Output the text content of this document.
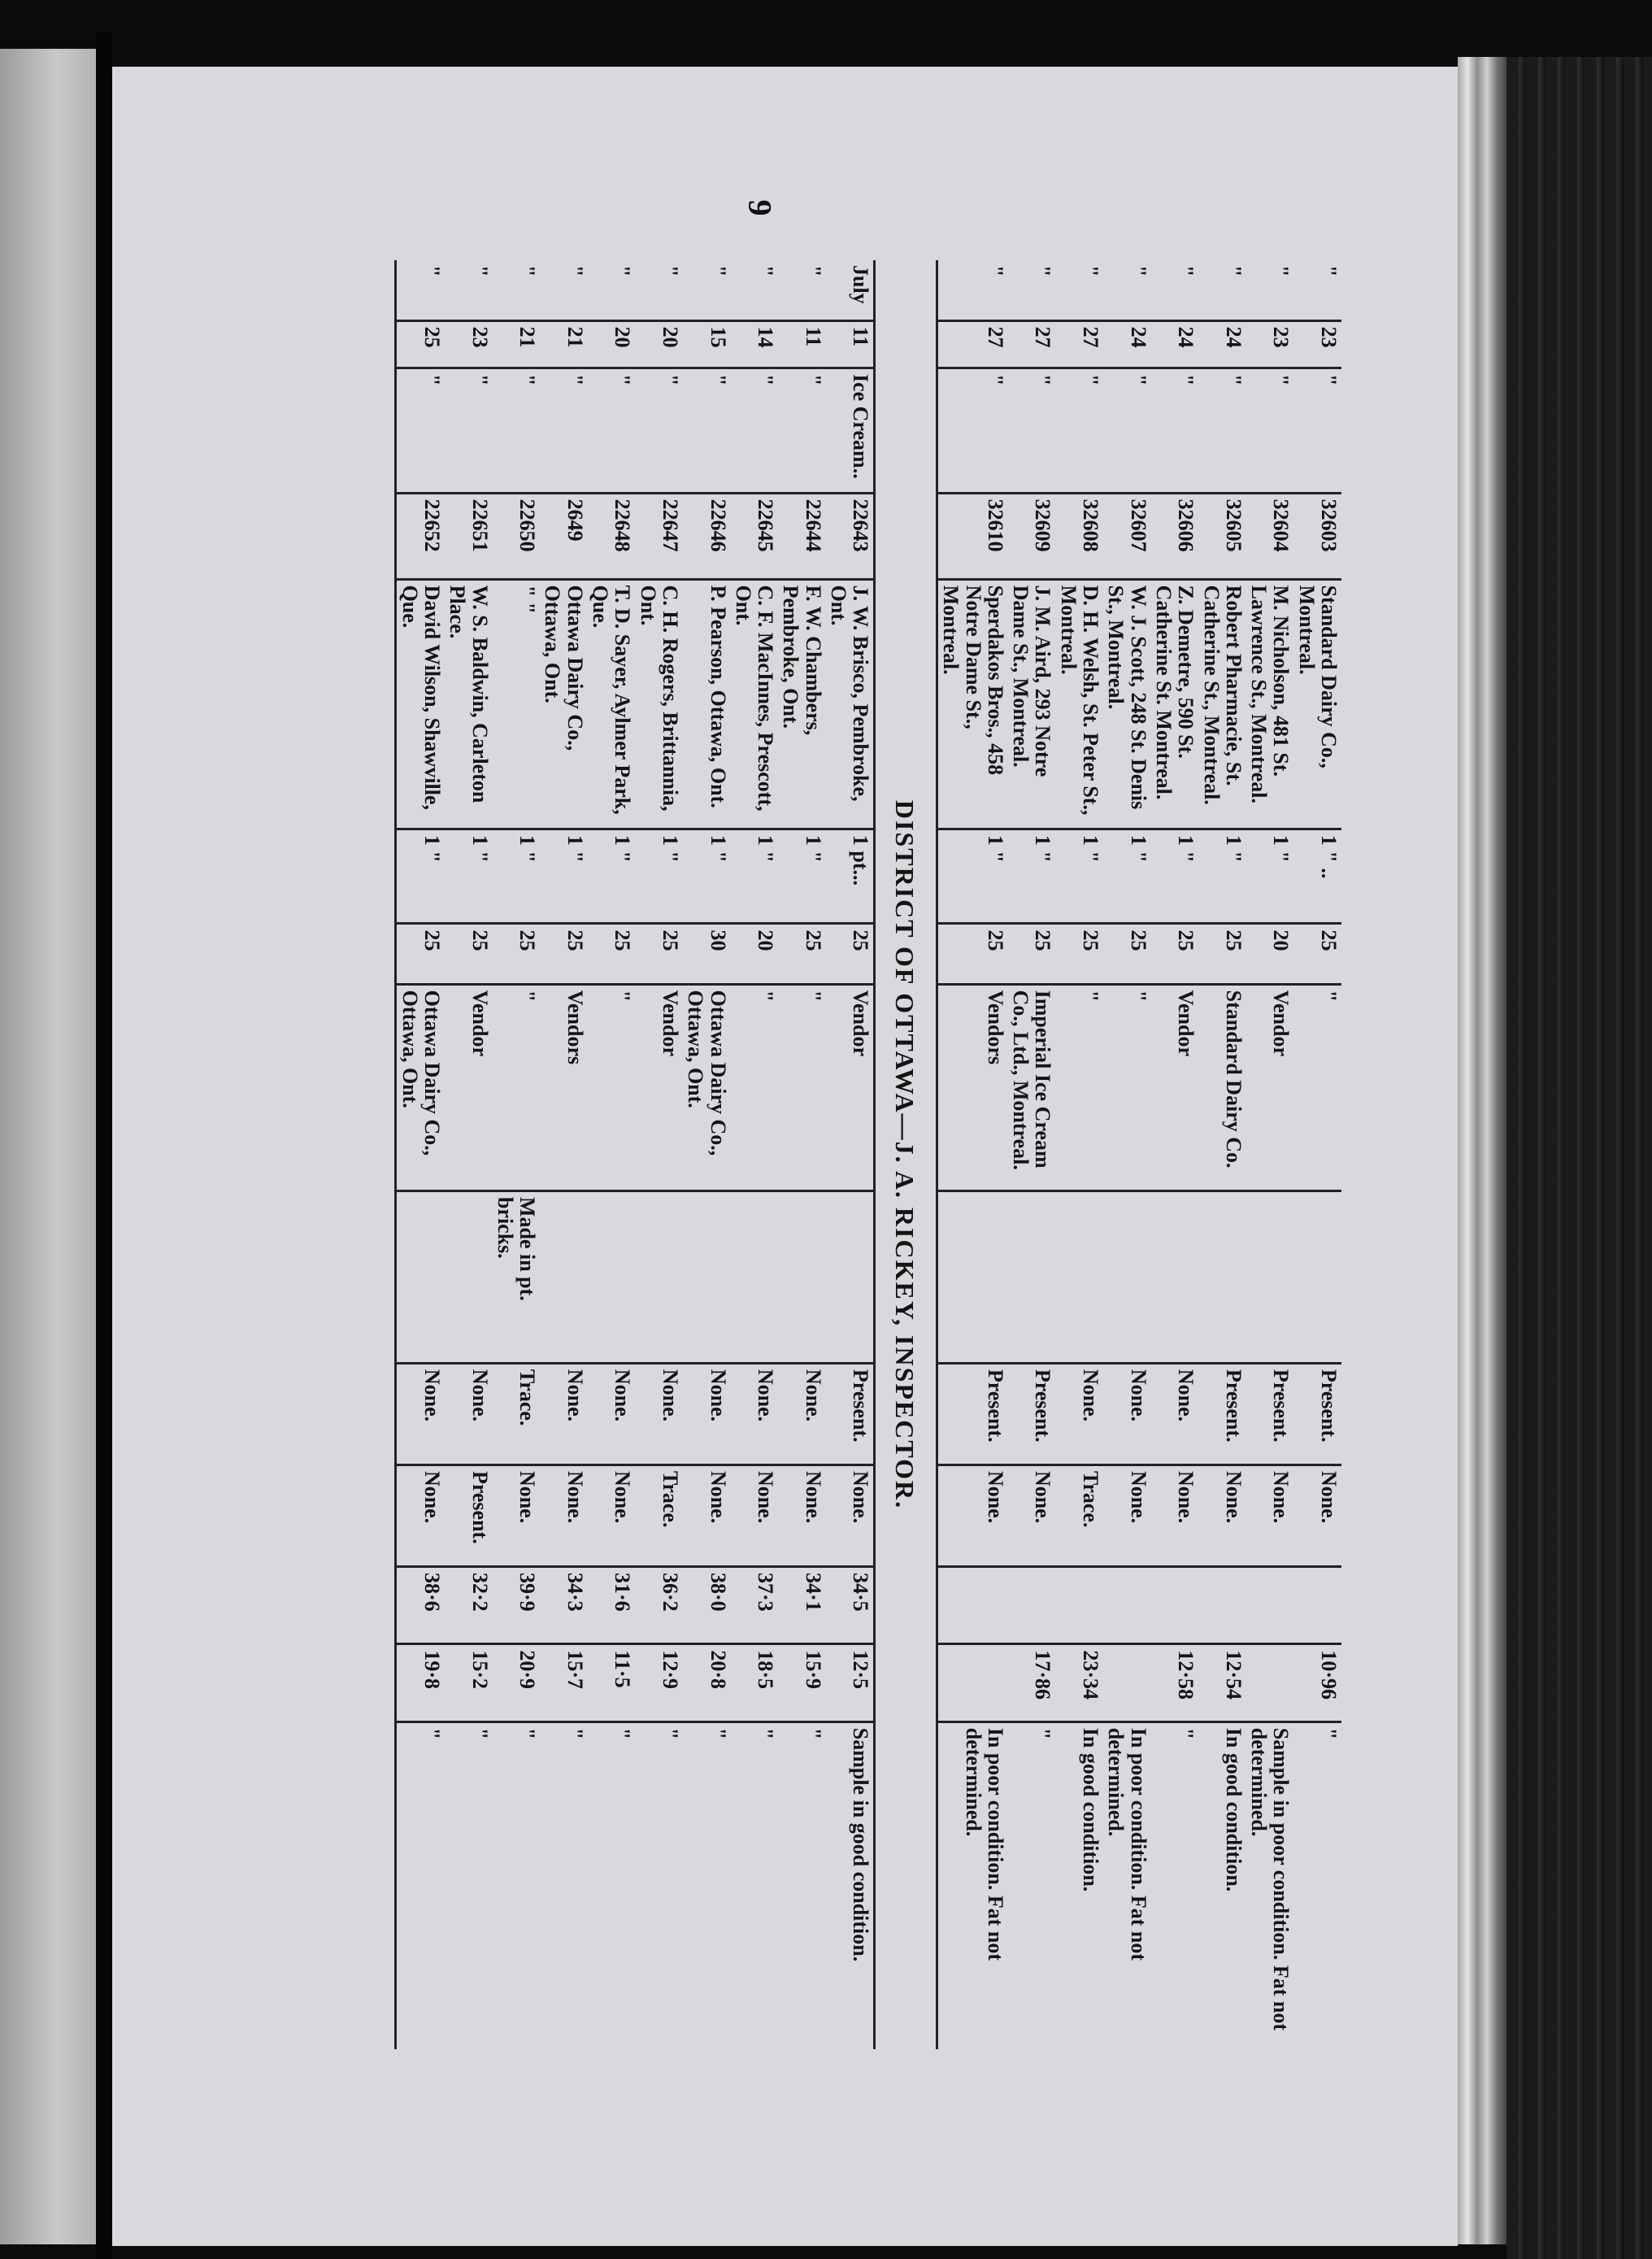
9
"	23	"	32603	Standard Dairy Co., Montreal.	1 " ..	25	"		Present.	None.		10·96	"
"	23	"	32604	M. Nicholson, 481 St. Lawrence St., Montreal.	1 "	20	Vendor		Present.	None.			Sample in poor condition. Fat not determined.
"	24	"	32605	Robert Pharmacie, St. Catherine St., Montreal.	1 "	25	Standard Dairy Co.		Present.	None.		12·54	In good condition.
"	24	"	32606	Z. Demetre, 590 St. Catherine St. Montreal.	1 "	25	Vendor		None.	None.		12·58	"
"	24	"	32607	W. J. Scott, 248 St. Denis St., Montreal.	1 "	25	"		None.	None.			In poor condition. Fat not determined.
"	27	"	32608	D. H. Welsh, St. Peter St., Montreal.	1 "	25	"		None.	Trace.		23·34	In good condition.
"	27	"	32609	J. M. Aird, 293 Notre Dame St., Montreal.	1 "	25	Imperial Ice Cream Co., Ltd., Montreal.		Present.	None.		17·86	"
"	27	"	32610	Sperdakos Bros., 458 Notre Dame St., Montreal.	1 "	25	Vendors		Present.	None.			In poor condition. Fat not determined.
DISTRICT OF OTTAWA—J. A. RICKEY, INSPECTOR.													
July	11	Ice Cream..	22643	J. W. Brisco, Pembroke, Ont.	1 pt...	25	Vendor		Present.	None.	34·5	12·5	Sample in good condition.
"	11	"	22644	F. W. Chambers, Pembroke, Ont.	1 "	25	"		None.	None.	34·1	15·9	"
"	14	"	22645	C. F. MacInnes, Prescott, Ont.	1 "	20	"		None.	None.	37·3	18·5	"
"	15	"	22646	P. Pearson, Ottawa, Ont.	1 "	30	Ottawa Dairy Co., Ottawa, Ont.		None.	None.	38·0	20·8	"
"	20	"	22647	C. H. Rogers, Brittannia, Ont.	1 "	25	Vendor		None.	Trace.	36·2	12·9	"
"	20	"	22648	T. D. Sayer, Aylmer Park, Que.	1 "	25	"		None.	None.	31·6	11·5	"
"	21	"	2649	Ottawa Dairy Co., Ottawa, Ont.	1 "	25	Vendors		None.	None.	34·3	15·7	"
"	21	"	22650	" "	1 "	25	"	Made in pt. bricks.	Trace.	None.	39·9	20·9	"
"	23	"	22651	W. S. Baldwin, Carleton Place.	1 "	25	Vendor		None.	Present.	32·2	15·2	"
"	25	"	22652	David Wilson, Shawville, Que.	1 "	25	Ottawa Dairy Co., Ottawa, Ont.		None.	None.	38·6	19·8	"
